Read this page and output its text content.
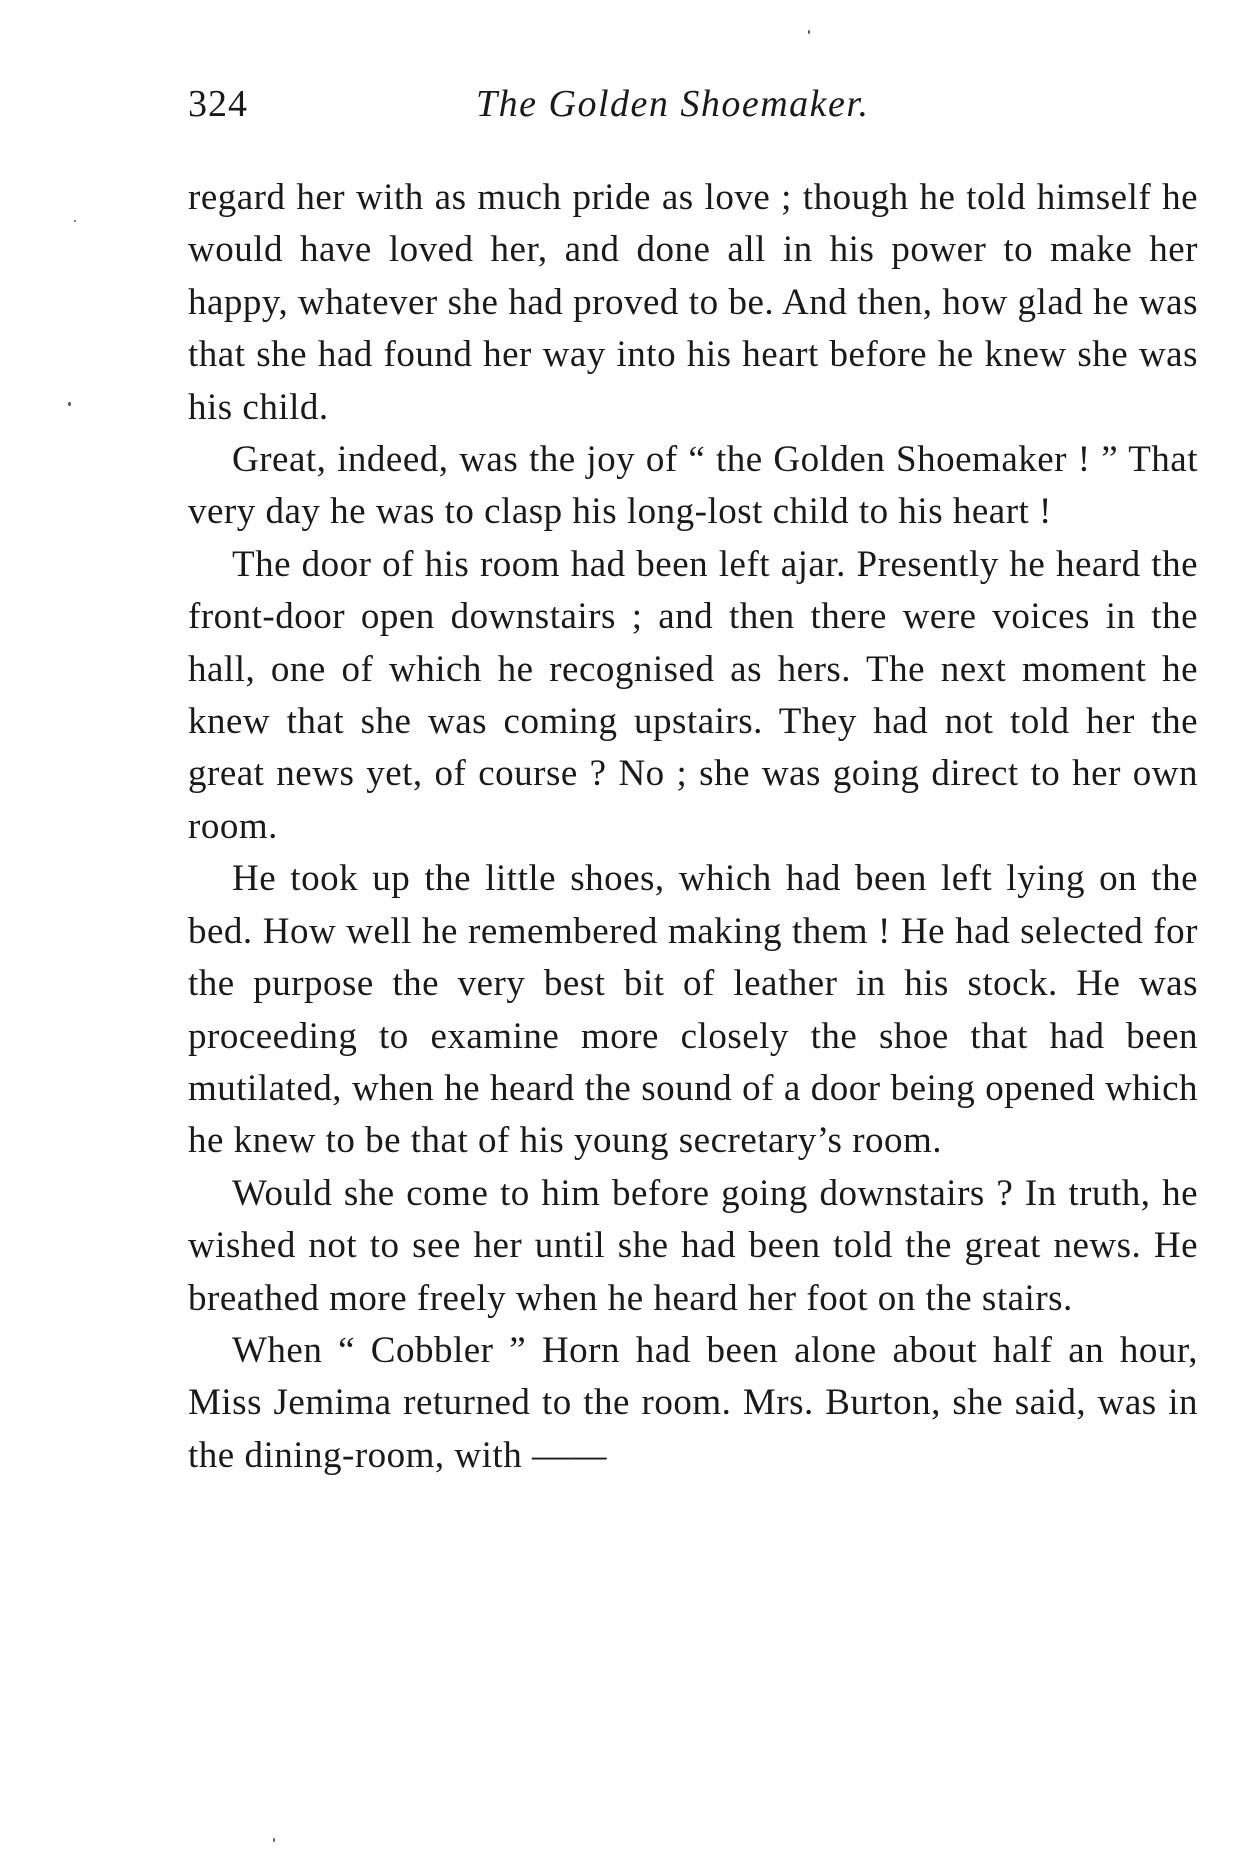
324	The Golden Shoemaker.

regard her with as much pride as love ; though he told himself he would have loved her, and done all in his power to make her happy, whatever she had proved to be. And then, how glad he was that she had found her way into his heart before he knew she was his child.

Great, indeed, was the joy of “ the Golden Shoemaker ! ” That very day he was to clasp his long-lost child to his heart !

The door of his room had been left ajar. Presently he heard the front-door open downstairs ; and then there were voices in the hall, one of which he recognised as hers. The next moment he knew that she was coming upstairs. They had not told her the great news yet, of course ? No ; she was going direct to her own room.

He took up the little shoes, which had been left lying on the bed. How well he remembered making them ! He had selected for the purpose the very best bit of leather in his stock. He was proceeding to examine more closely the shoe that had been mutilated, when he heard the sound of a door being opened which he knew to be that of his young secretary’s room.

Would she come to him before going downstairs ? In truth, he wished not to see her until she had been told the great news. He breathed more freely when he heard her foot on the stairs.

When “ Cobbler ” Horn had been alone about half an hour, Miss Jemima returned to the room. Mrs. Burton, she said, was in the dining-room, with ——
